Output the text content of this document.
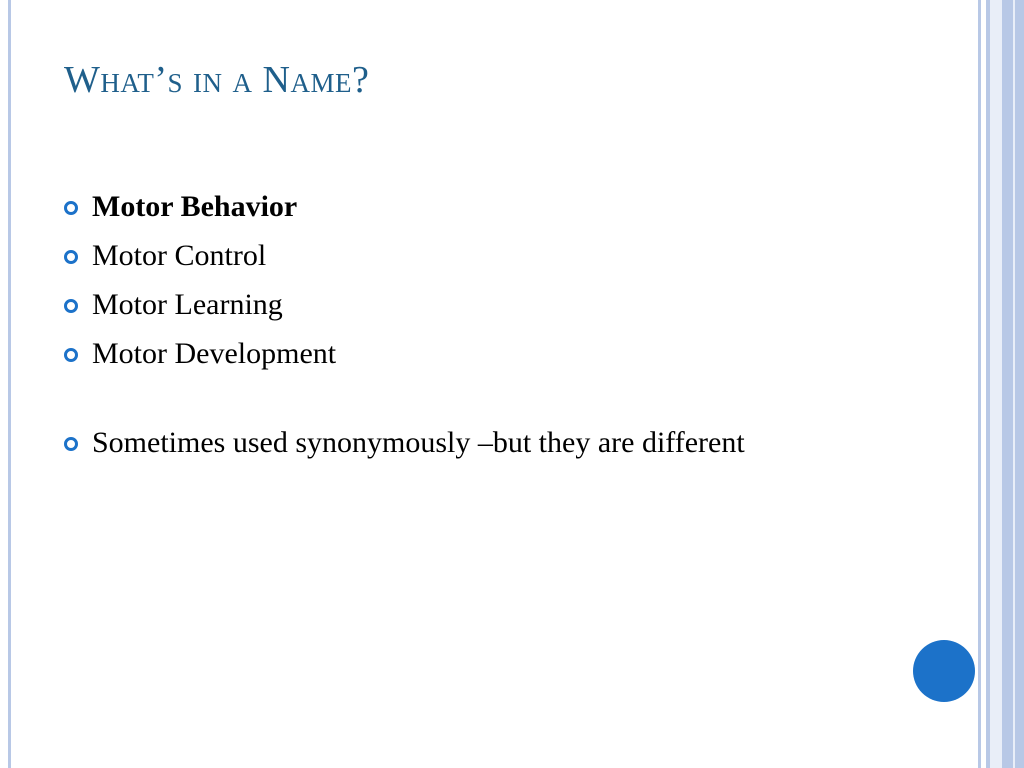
What’s in a Name?
Motor Behavior
Motor Control
Motor Learning
Motor Development
Sometimes used synonymously –but they are different
